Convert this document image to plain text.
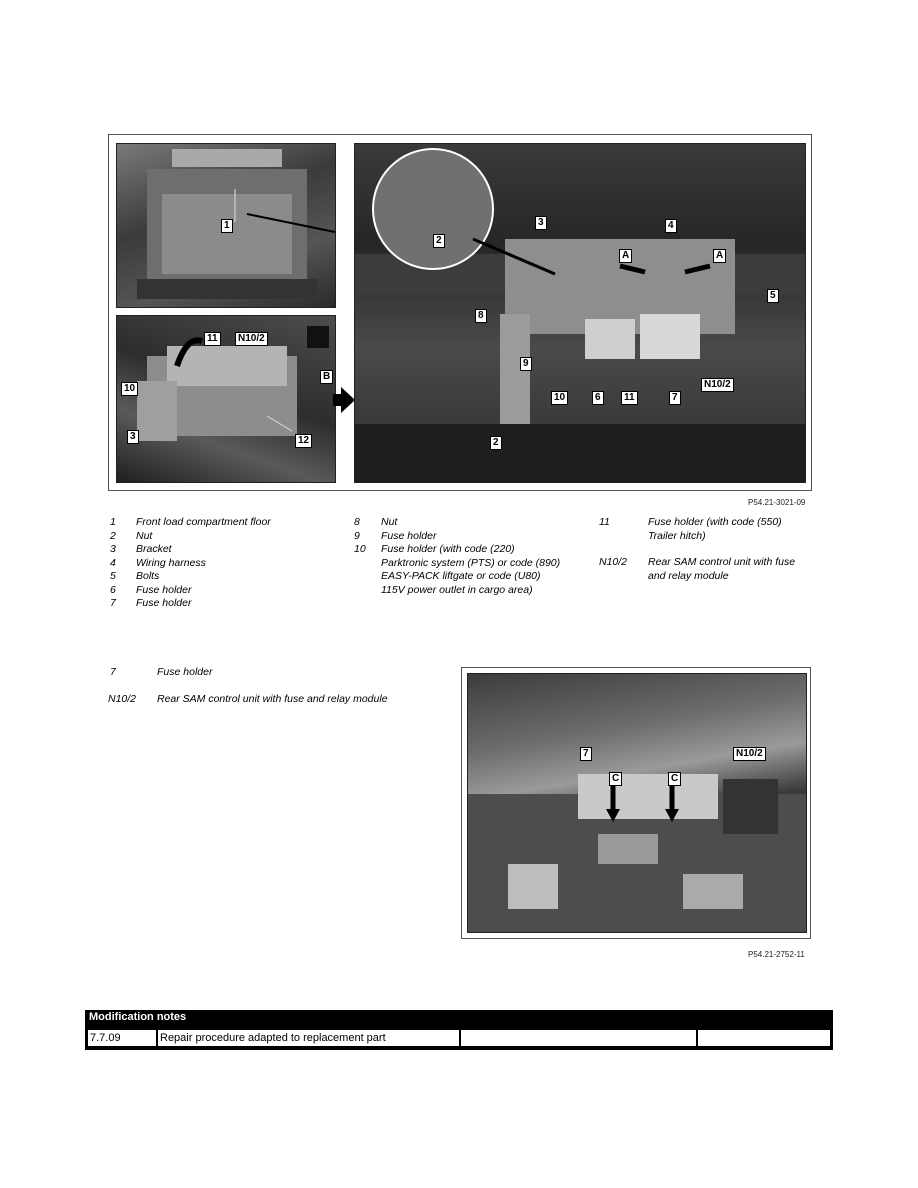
1
11	N10/2
B
10
3	12
2
3	4
A	A
5
8
9
10	6	11	7
N10/2
2
P54.21-3021-09
1 Front load compartment floor
2 Nut
3 Bracket
4 Wiring harness
5 Bolts
6 Fuse holder
7 Fuse holder
8 Nut
9 Fuse holder
10 Fuse holder (with code (220)
Parktronic system (PTS) or code (890)
EASY-PACK liftgate or code (U80)
115V power outlet in cargo area)
11	Fuse holder (with code (550)
Trailer hitch)
N10/2 Rear SAM control unit with fuse
and relay module
7	Fuse holder
N10/2 Rear SAM control unit with fuse and relay module
7
C	C
N10/2
P54.21-2752-11
Modification notes
7.7.09	Repair procedure adapted to replacement part
